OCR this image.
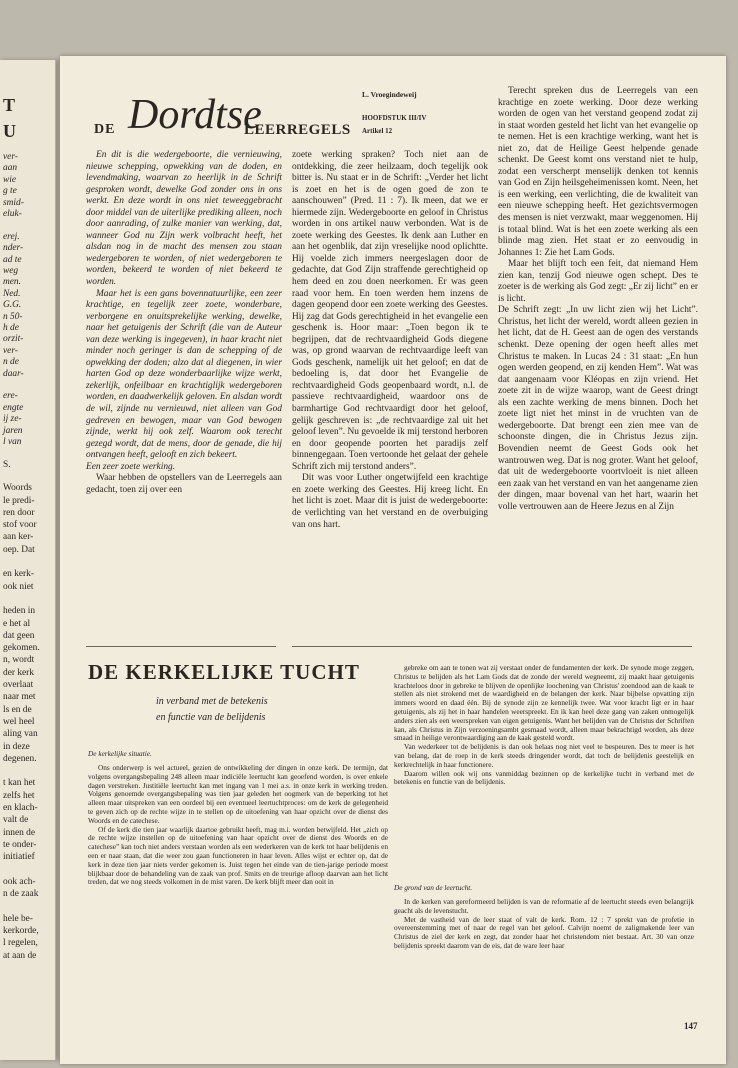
T
U
ver-
aan
wie
g te
smid-
eluk-
erej.
nder-
ad te
weg
men.
Ned.
G.G.
n 50-
h de
orzit-
ver-
n de
daar-
ere-
engte
ij ze-
jaren
l van
S.
Woords
le predi-
ren door
stof voor
aan ker-
oep. Dat
en kerk-
ook niet
heden in
e het al
dat geen
gekomen.
n, wordt
der kerk
overlaat
naar met
ls en de
wel heel
aling van
in deze
degenen.
t kan het
zelfs het
en klach-
valt de
innen de
te onder-
initiatief
ook ach-
n de zaak
hele be-
kerkorde,
l regelen,
at aan de
DE Dordtse
LEERREGELS
L. Vroegindeweij
HOOFDSTUK III/IV
Artikel 12

En dit is die wedergeboorte, die vernieuwing, nieuwe schepping, opwekking van de doden, en levendmaking, waarvan zo heerlijk in de Schrift gesproken wordt, dewelke God zonder ons in ons werkt. En deze wordt in ons niet teweeggebracht door middel van de uiterlijke prediking alleen, noch door aanrading, of zulke manier van werking, dat, wanneer God nu Zijn werk volbracht heeft, het alsdan nog in de macht des mensen zou staan wedergeboren te worden, of niet wedergeboren te worden, bekeerd te worden of niet bekeerd te worden.

Maar het is een gans bovennatuurlijke, een zeer krachtige, en tegelijk zeer zoete, wonderbare, verborgene en onuitsprekelijke werking, dewelke, naar het getuigenis der Schrift (die van de Auteur van deze werking is ingegeven), in haar kracht niet minder noch geringer is dan de schepping of de opwekking der doden; alzo dat al diegenen, in wier harten God op deze wonderbaarlijke wijze werkt, zekerlijk, onfeilbaar en krachtiglijk wedergeboren worden, en daadwerkelijk geloven. En alsdan wordt de wil, zijnde nu vernieuwd, niet alleen van God gedreven en bewogen, maar van God bewogen zijnde, werkt hij ook zelf. Waarom ook terecht gezegd wordt, dat de mens, door de genade, die hij ontvangen heeft, gelooft en zich bekeert.

Een zeer zoete werking.

Waar hebben de opstellers van de Leerregels aan gedacht, toen zij over een

zoete werking spraken? Toch niet aan de ontdekking, die zeer heilzaam, doch tegelijk ook bitter is. Nu staat er in de Schrift: „Verder het licht is zoet en het is de ogen goed de zon te aanschouwen” (Pred. 11 : 7). Ik meen, dat we er hiermede zijn. Wedergeboorte en geloof in Christus worden in ons artikel nauw verbonden. Wat is de zoete werking des Geestes. Ik denk aan Luther en aan het ogenblik, dat zijn vreselijke nood oplichtte. Hij voelde zich immers neergeslagen door de gedachte, dat God Zijn straffende gerechtigheid op hem deed en zou doen neerkomen. Er was geen raad voor hem. En toen werden hem inzens de dagen geopend door een zoete werking des Geestes. Hij zag dat Gods gerechtigheid in het evangelie een geschenk is. Hoor maar: „Toen begon ik te begrijpen, dat de rechtvaardigheid Gods diegene was, op grond waarvan de rechtvaardige leeft van Gods geschenk, namelijk uit het geloof; en dat de bedoeling is, dat door het Evangelie de rechtvaardigheid Gods geopenbaard wordt, n.l. de passieve rechtvaardigheid, waardoor ons de barmhartige God rechtvaardigt door het geloof, gelijk geschreven is: „de rechtvaardige zal uit het geloof leven”. Nu gevoelde ik mij terstond herboren en door geopende poorten het paradijs zelf binnengegaan. Toen vertoonde het gelaat der gehele Schrift zich mij terstond anders”.

Dit was voor Luther ongetwijfeld een krachtige en zoete werking des Geestes. Hij kreeg licht. En het licht is zoet. Maar dit is juist de wedergeboorte: de verlichting van het verstand en de overbuiging van ons hart.

Terecht spreken dus de Leerregels van een krachtige en zoete werking. Door deze werking worden de ogen van het verstand geopend zodat zij in staat worden gesteld het licht van het evangelie op te nemen. Het is een krachtige werking, want het is niet zo, dat de Heilige Geest helpende genade schenkt. De Geest komt ons verstand niet te hulp, zodat een verscherpt menselijk denken tot kennis van God en Zijn heilsgeheimenissen komt. Neen, het is een werking, een verlichting, die de kwaliteit van een nieuwe schepping heeft. Het gezichtsvermogen des mensen is niet verzwakt, maar weggenomen. Hij is totaal blind. Wat is het een zoete werking als een blinde mag zien. Het staat er zo eenvoudig in Johannes 1: Zie het Lam Gods.

Maar het blijft toch een feit, dat niemand Hem zien kan, tenzij God nieuwe ogen schept. Des te zoeter is de werking als God zegt: „Er zij licht” en er is licht.

De Schrift zegt: „In uw licht zien wij het Licht”. Christus, het licht der wereld, wordt alleen gezien in het licht, dat de H. Geest aan de ogen des verstands schenkt. Deze opening der ogen heeft alles met Christus te maken. In Lucas 24 : 31 staat: „En hun ogen werden geopend, en zij kenden Hem”. Wat was dat aangenaam voor Kléopas en zijn vriend. Het zoete zit in de wijze waarop, want de Geest dringt als een zachte werking de mens binnen. Doch het zoete ligt niet het minst in de vruchten van de wedergeboorte. Dat brengt een zien mee van de schoonste dingen, die in Christus Jezus zijn. Bovendien neemt de Geest Gods ook het wantrouwen weg. Dat is nog groter. Want het geloof, dat uit de wedergeboorte voortvloeit is niet alleen een zaak van het verstand en van het aangename zien der dingen, maar bovenal van het hart, waarin het volle vertrouwen aan de Heere Jezus en al Zijn

DE KERKELIJKE TUCHT
in verband met de betekenis
en functie van de belijdenis
De kerkelijke situatie.

Ons onderwerp is wel actueel, gezien de ontwikkeling der dingen in onze kerk. De termijn, dat volgens overgangsbepaling 248 alleen maar indiciële leertucht kan geoefend worden, is over enkele dagen verstreken. Justitiële leertucht kan met ingang van 1 mei a.s. in onze kerk in werking treden. Volgens genoemde overgangsbepaling was tien jaar geleden het oogmerk van de beperking tot het alleen maar uitspreken van een oordeel bij een eventueel leertuchtproces: om de kerk de gelegenheid te geven zich op de rechte wijze in te stellen op de uitoefening van haar opzicht over de dienst des Woords en de catechese.

Of de kerk die tien jaar waarlijk daartoe gebruikt heeft, mag m.i. worden betwijfeld. Het „zich op de rechte wijze instellen op de uitoefening van haar opzicht over de dienst des Woords en de catechese” kan toch niet anders verstaan worden als een wederkeren van de kerk tot haar belijdenis en een er naar staan, dat die weer zou gaan functioneren in haar leven. Alles wijst er echter op, dat de kerk in deze tien jaar niets verder gekomen is. Juist tegen het einde van de tien-jarige periode moest blijkbaar door de behandeling van de zaak van prof. Smits en de treurige afloop daarvan aan het licht treden, dat we nog steeds volkomen in de mist varen. De kerk blijft meer dan ooit in

gebreke om aan te tonen wat zij verstaat onder de fundamenten der kerk. De synode moge zeggen, Christus te belijden als het Lam Gods dat de zonde der wereld wegneemt, zij maakt haar getuigenis krachteloos door in gebreke te blijven de openlijke loochening van Christus' zoendood aan de kaak te stellen als niet strokend met de waardigheid en de belangen der kerk. Naar bijbelse opvatting zijn immers woord en daad één. Bij de synode zijn ze kennelijk twee. Wat voor kracht ligt er in haar getuigenis, als zij het in haar handelen weerspreekt. En ik kan heel deze gang van zaken onmogelijk anders zien als een weerspreken van eigen getuigenis. Want het belijden van de Christus der Schriften kan, als Christus in Zijn verzoeningsambt gesmaad wordt, alleen maar bekrachtigd worden, als deze smaad in heilige verontwaardiging aan de kaak gesteld wordt.

Van wederkeer tot de belijdenis is dan ook helaas nog niet veel te bespeuren. Des te meer is het van belang, dat de roep in de kerk steeds dringender wordt, dat toch de belijdenis geestelijk en kerkrechtelijk in haar functionere.

Daarom willen ook wij ons vanmiddag bezinnen op de kerkelijke tucht in verband met de betekenis en functie van de belijdenis.

De grond van de leertucht.

In de kerken van gereformeerd belijden is van de reformatie af de leertucht steeds even belangrijk geacht als de levenstucht.

Met de vastheid van de leer staat of valt de kerk. Rom. 12 : 7 sprekt van de profetie in overeenstemming met of naar de regel van het geloof. Calvijn noemt de zaligmakende leer van Christus de ziel der kerk en zegt, dat zonder haar het christendom niet bestaat. Art. 30 van onze belijdenis spreekt daarom van de eis, dat de ware leer haar

147
